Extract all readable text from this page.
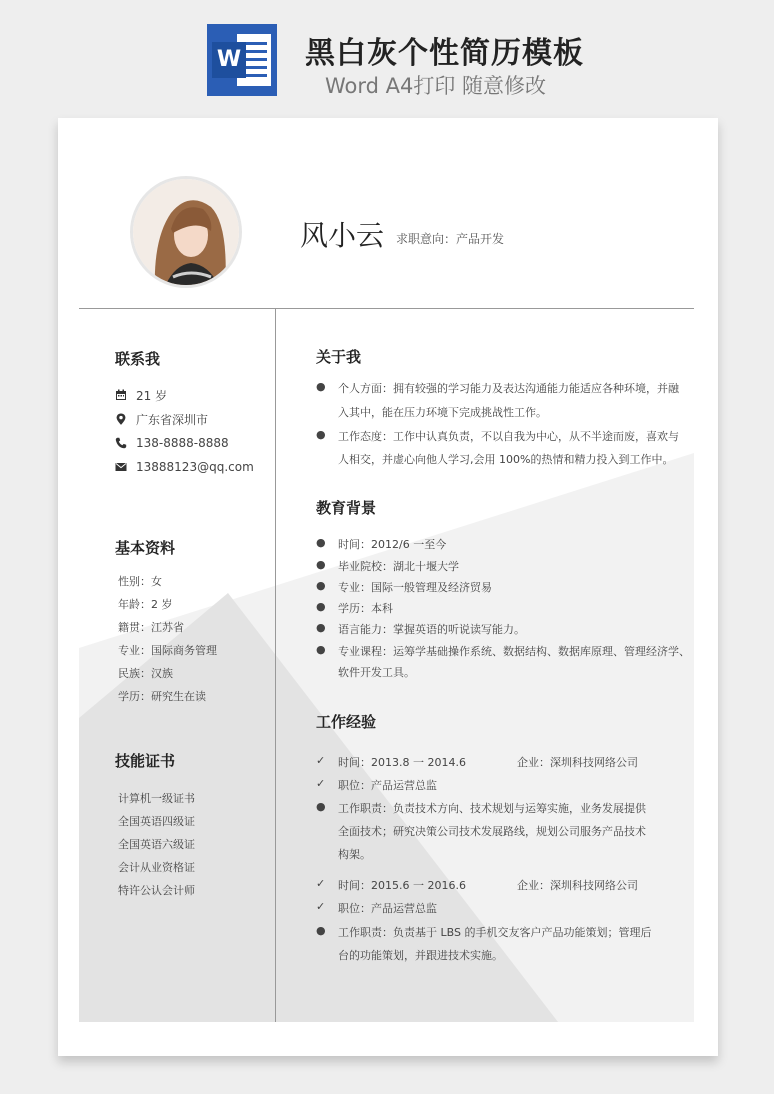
W 黑白灰个性简历模板
Word A4打印 随意修改
风小云 求职意向：产品开发
联系我
21 岁
广东省深圳市
138-8888-8888
13888123@qq.com
基本资料
性别：女
年龄：2 岁
籍贯：江苏省
专业：国际商务管理
民族：汉族
学历：研究生在读
技能证书
计算机一级证书
全国英语四级证
全国英语六级证
会计从业资格证
特许公认会计师
关于我
●	个人方面：拥有较强的学习能力及表达沟通能力能适应各种环境，并融
入其中，能在压力环境下完成挑战性工作。
●	工作态度：工作中认真负责，不以自我为中心，从不半途而废，喜欢与
人相交，并虚心向他人学习,会用 100%的热情和精力投入到工作中。
教育背景
●	时间：2012/6 一至今
●	毕业院校：湖北十堰大学
●	专业：国际一般管理及经济贸易
●	学历：本科
●	语言能力：掌握英语的听说读写能力。
●	专业课程：运筹学基础操作系统、数据结构、数据库原理、管理经济学、
软件开发工具。
工作经验
✓	时间：2013.8 一 2014.6	企业：深圳科技网络公司
✓	职位：产品运营总监
●	工作职责：负责技术方向、技术规划与运筹实施，业务发展提供
全面技术；研究决策公司技术发展路线，规划公司服务产品技术
构架。
✓	时间：2015.6 一 2016.6	企业：深圳科技网络公司
✓	职位：产品运营总监
●	工作职责：负责基于 LBS 的手机交友客户产品功能策划；管理后
台的功能策划，并跟进技术实施。
